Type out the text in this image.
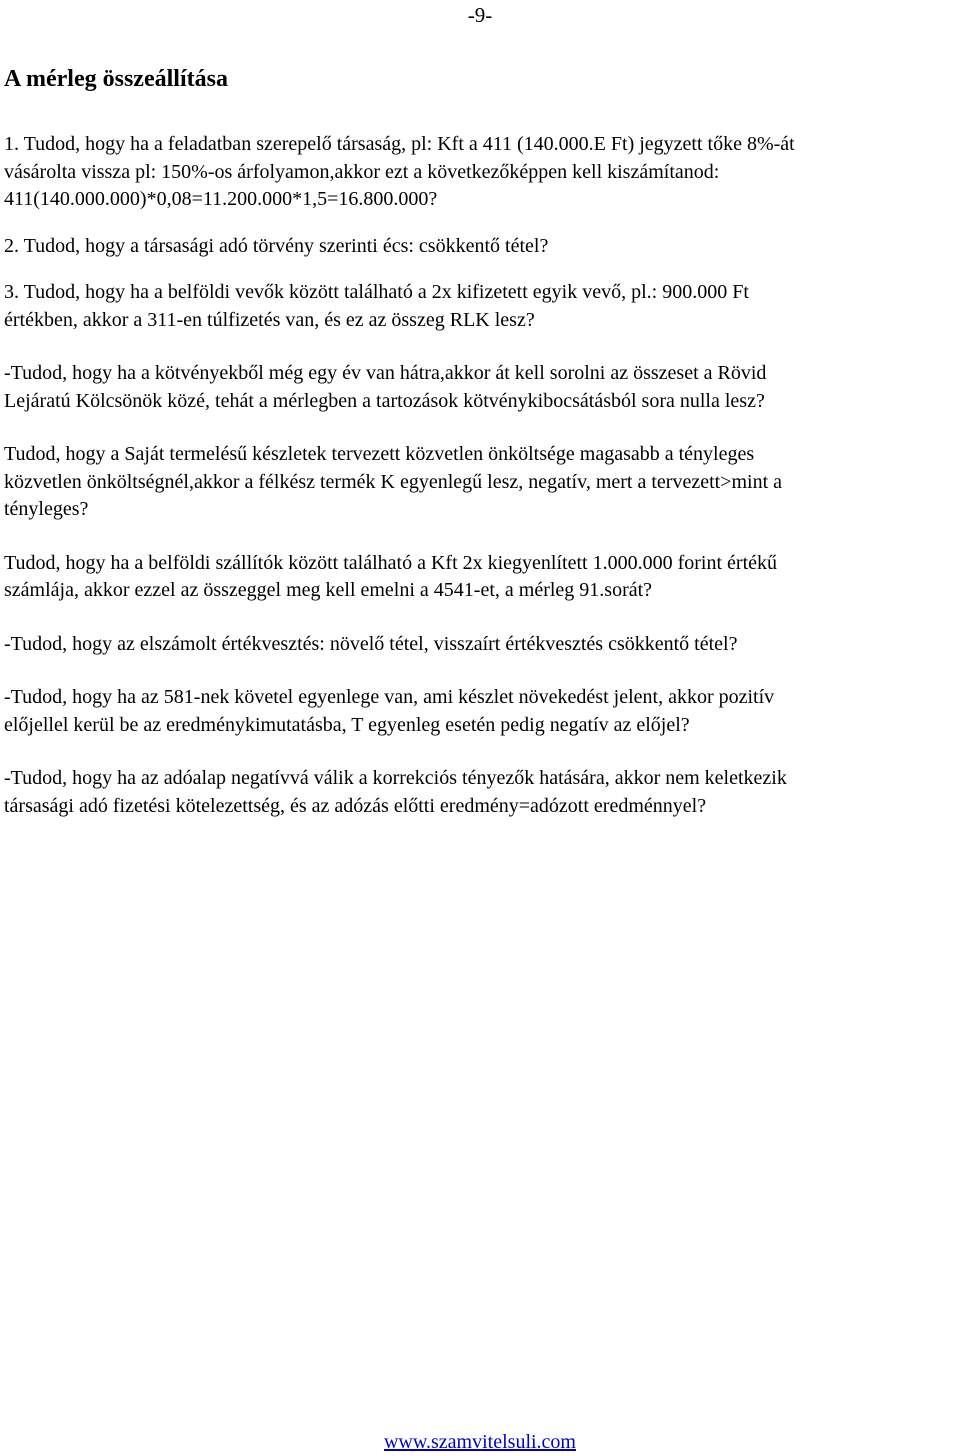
-9-
A mérleg összeállítása

1. Tudod, hogy ha a feladatban szerepelő társaság, pl: Kft a 411 (140.000.E Ft) jegyzett tőke 8%-át
vásárolta vissza pl: 150%-os árfolyamon,akkor ezt a következőképpen kell kiszámítanod:
411(140.000.000)*0,08=11.200.000*1,5=16.800.000?

2. Tudod, hogy a társasági adó törvény szerinti écs: csökkentő tétel?

3. Tudod, hogy ha a belföldi vevők között található a 2x kifizetett egyik vevő, pl.: 900.000 Ft
értékben, akkor a 311-en túlfizetés van, és ez az összeg RLK lesz?

-Tudod, hogy ha a kötvényekből még egy év van hátra,akkor át kell sorolni az összeset a Rövid
Lejáratú Kölcsönök közé, tehát a mérlegben a tartozások kötvénykibocsátásból sora nulla lesz?

Tudod, hogy a Saját termelésű készletek tervezett közvetlen önköltsége magasabb a tényleges
közvetlen önköltségnél,akkor a félkész termék K egyenlegű lesz, negatív, mert a tervezett>mint a
tényleges?

Tudod, hogy ha a belföldi szállítók között található a Kft 2x kiegyenlített 1.000.000 forint értékű
számlája, akkor ezzel az összeggel meg kell emelni a 4541-et, a mérleg 91.sorát?

-Tudod, hogy az elszámolt értékvesztés: növelő tétel, visszaírt értékvesztés csökkentő tétel?

-Tudod, hogy ha az 581-nek követel egyenlege van, ami készlet növekedést jelent, akkor pozitív
előjellel kerül be az eredménykimutatásba, T egyenleg esetén pedig negatív az előjel?

-Tudod, hogy ha az adóalap negatívvá válik a korrekciós tényezők hatására, akkor nem keletkezik
társasági adó fizetési kötelezettség, és az adózás előtti eredmény=adózott eredménnyel?

www.szamvitelsuli.com
